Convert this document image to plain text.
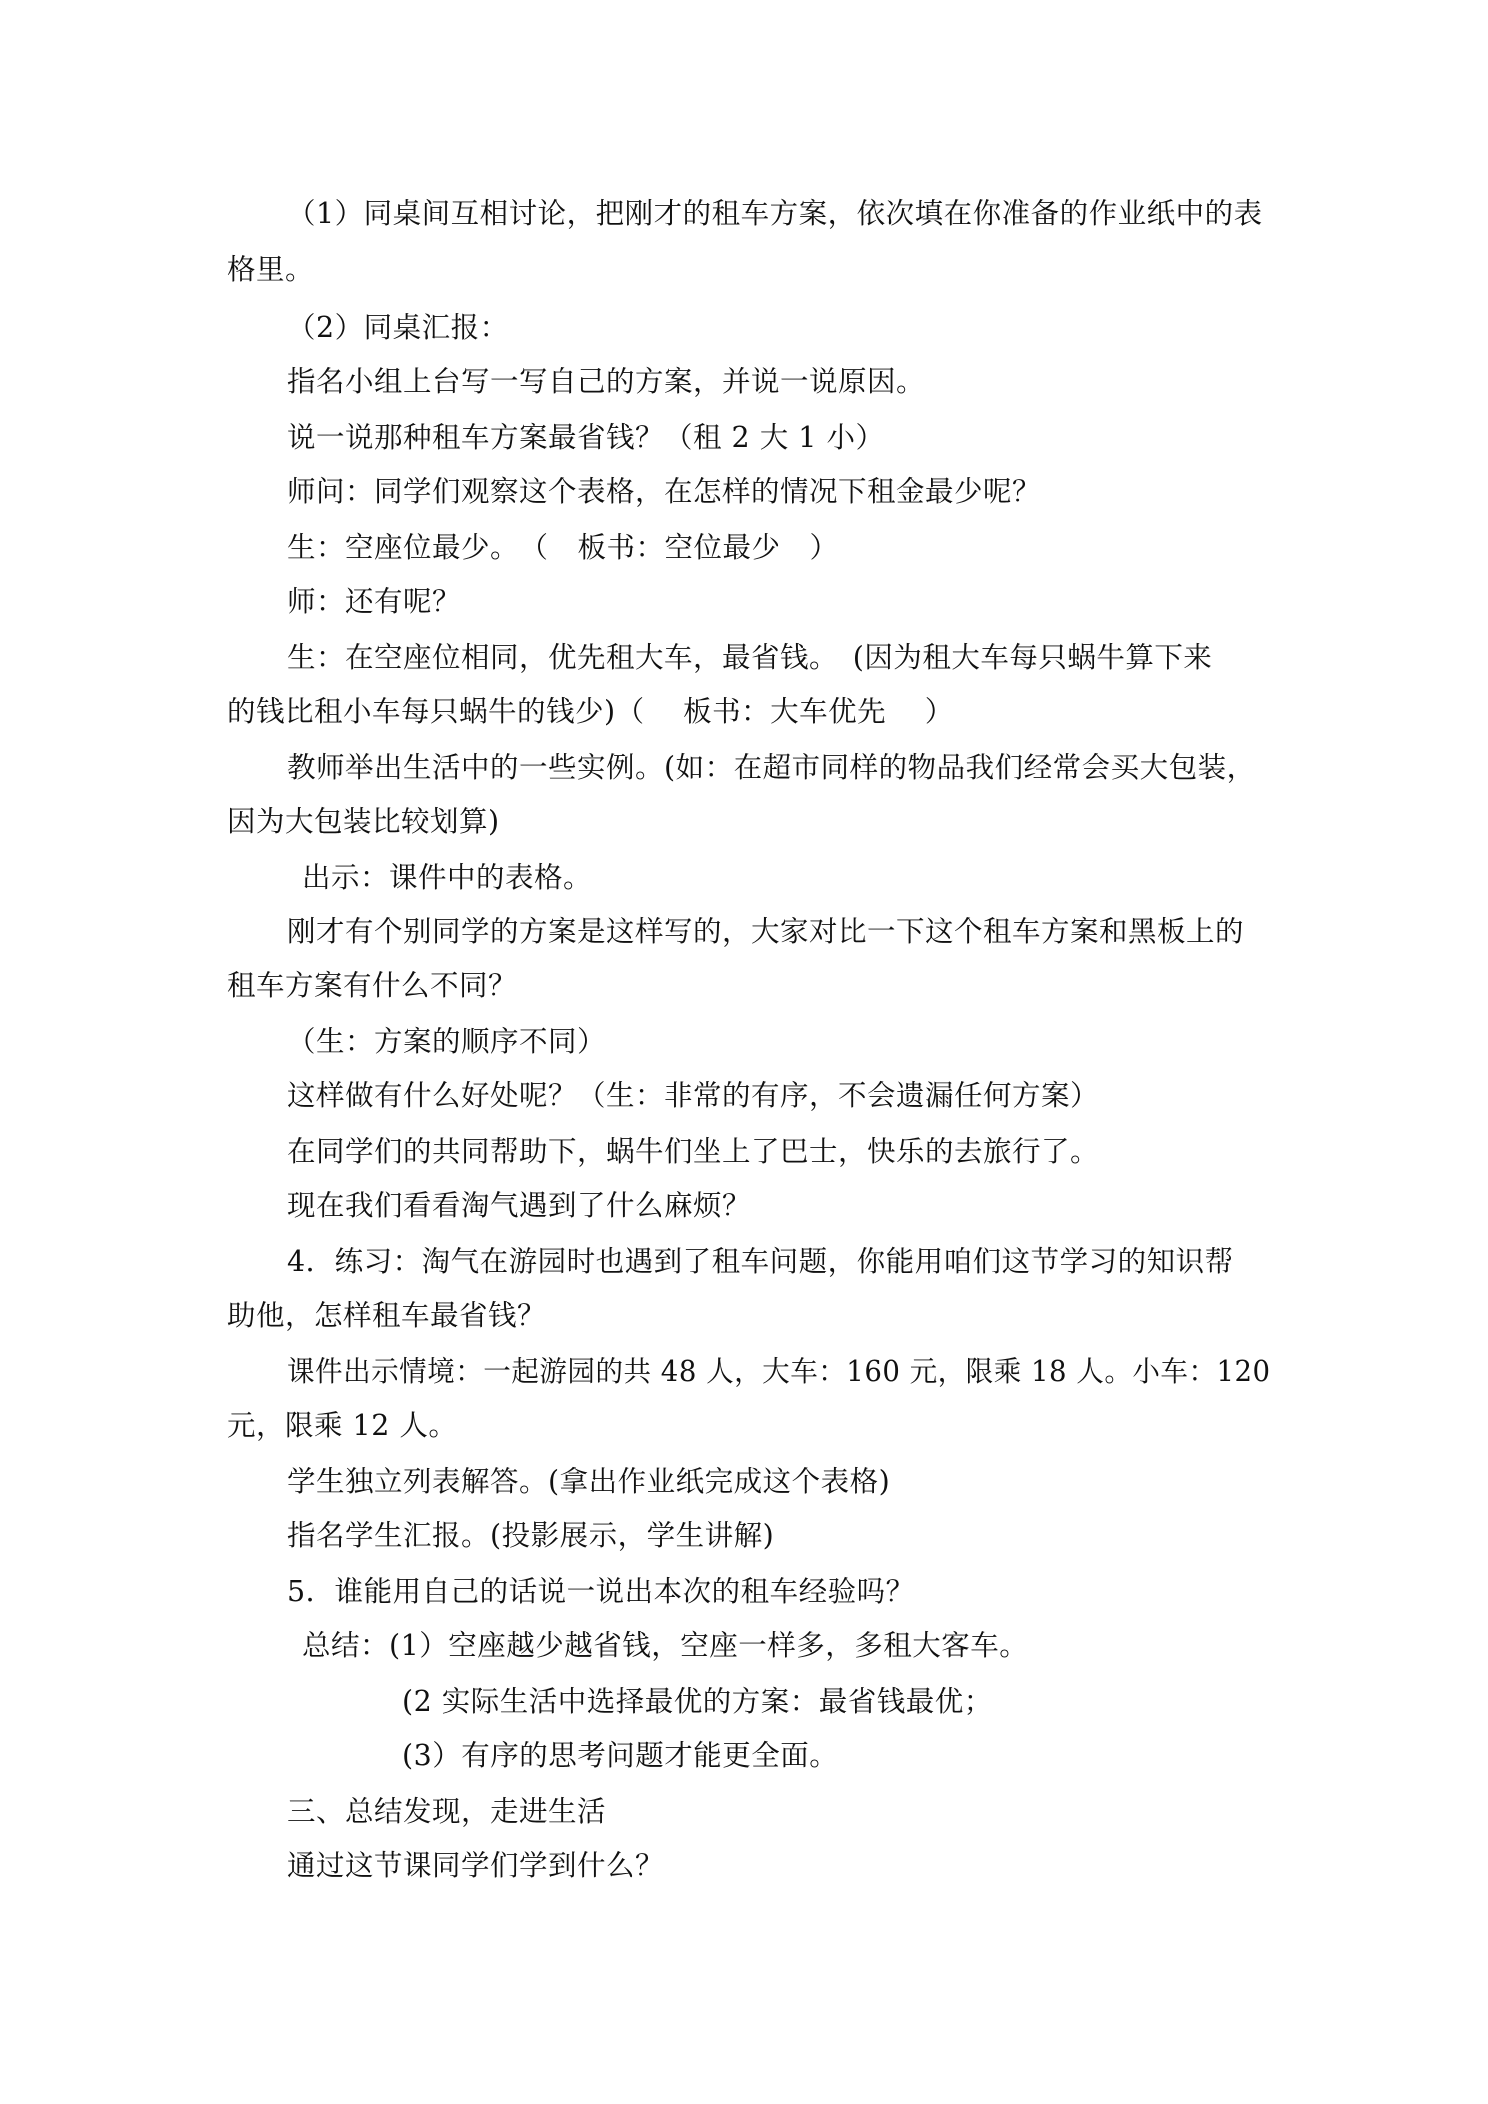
（1）同桌间互相讨论，把刚才的租车方案，依次填在你准备的作业纸中的表
格里。
（2）同桌汇报：
指名小组上台写一写自己的方案，并说一说原因。
说一说那种租车方案最省钱？（租 2 大 1 小）
师问：同学们观察这个表格，在怎样的情况下租金最少呢？
生：空座位最少。　（　板书：空位最少　）
师：还有呢？
生：在空座位相同，优先租大车，最省钱。　(因为租大车每只蜗牛算下来
的钱比租小车每只蜗牛的钱少)（　 板书：大车优先　 ）
教师举出生活中的一些实例。(如：在超市同样的物品我们经常会买大包装，
因为大包装比较划算)
出示：课件中的表格。
刚才有个别同学的方案是这样写的，大家对比一下这个租车方案和黑板上的
租车方案有什么不同？
（生：方案的顺序不同）
这样做有什么好处呢？（生：非常的有序，不会遗漏任何方案）
在同学们的共同帮助下，蜗牛们坐上了巴士，快乐的去旅行了。
现在我们看看淘气遇到了什么麻烦？
4．练习：淘气在游园时也遇到了租车问题，你能用咱们这节学习的知识帮
助他，怎样租车最省钱？
课件出示情境：一起游园的共 48 人，大车：160 元，限乘 18 人。小车：120
元，限乘 12 人。
学生独立列表解答。(拿出作业纸完成这个表格)
指名学生汇报。(投影展示，学生讲解)
5．谁能用自己的话说一说出本次的租车经验吗？
总结：(1）空座越少越省钱，空座一样多，多租大客车。
(2 实际生活中选择最优的方案：最省钱最优；
(3）有序的思考问题才能更全面。
三、总结发现，走进生活
通过这节课同学们学到什么？
